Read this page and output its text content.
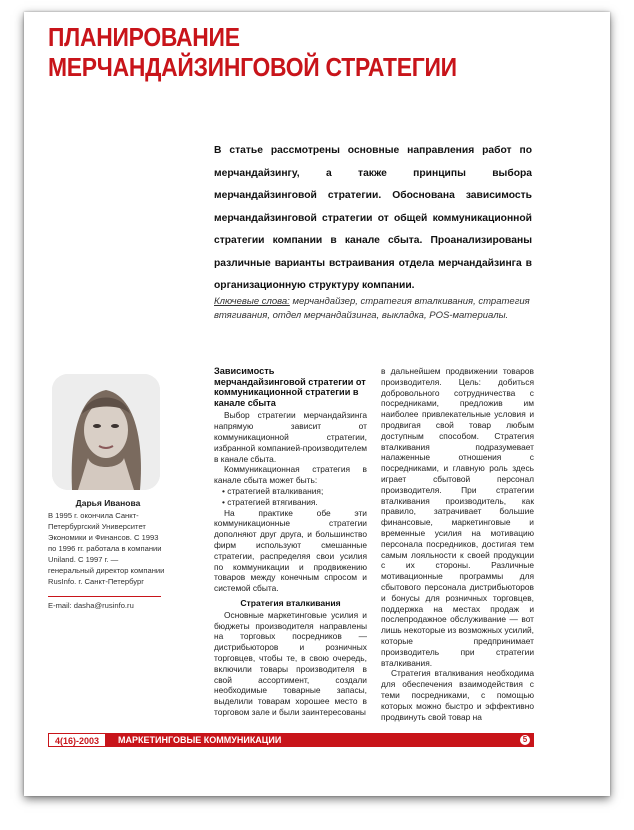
ПЛАНИРОВАНИЕ МЕРЧАНДАЙЗИНГОВОЙ СТРАТЕГИИ
В статье рассмотрены основные направления работ по мерчандайзингу, а также принципы выбора мерчандайзинговой стратегии. Обоснована зависимость мерчандайзинговой стратегии от общей коммуникационной стратегии компании в канале сбыта. Проанализированы различные варианты встраивания отдела мерчандайзинга в организационную структуру компании.
Ключевые слова: мерчандайзер, стратегия вталкивания, стратегия втягивания, отдел мерчандайзинга, выкладка, POS-материалы.
Дарья Иванова
В 1995 г. окончила Санкт-Петербургский Университет Экономики и Финансов. С 1993 по 1996 гг. работала в компании Uniland. С 1997 г. — генеральный директор компании RusInfo. г. Санкт-Петербург
E-mail: dasha@rusinfo.ru
Зависимость мерчандайзинговой стратегии от коммуникационной стратегии в канале сбыта

Выбор стратегии мерчандайзинга напрямую зависит от коммуникационной стратегии, избранной компанией-производителем в канале сбыта.

Коммуникационная стратегия в канале сбыта может быть:

• стратегией вталкивания;
• стратегией втягивания.

На практике обе эти коммуникационные стратегии дополняют друг друга, и большинство фирм используют смешанные стратегии, распределяя свои усилия по коммуникации и продвижению товаров между конечным спросом и системой сбыта.

Стратегия вталкивания

Основные маркетинговые усилия и бюджеты производителя направлены на торговых посредников — дистрибьюторов и розничных торговцев, чтобы те, в свою очередь, включили товары производителя в свой ассортимент, создали необходимые товарные запасы, выделили товарам хорошее место в торговом зале и были заинтересованы

в дальнейшем продвижении товаров производителя. Цель: добиться добровольного сотрудничества с посредниками, предложив им наиболее привлекательные условия и продвигая свой товар любым доступным способом. Стратегия вталкивания подразумевает налаженные отношения с посредниками, и главную роль здесь играет сбытовой персонал производителя. При стратегии вталкивания производитель, как правило, затрачивает большие финансовые, маркетинговые и временные усилия на мотивацию персонала посредников, достигая тем самым лояльности к своей продукции с их стороны. Различные мотивационные программы для сбытового персонала дистрибьюторов и бонусы для розничных торговцев, поддержка на местах продаж и послепродажное обслуживание — вот лишь некоторые из возможных усилий, которые предпринимает производитель при стратегии вталкивания.

Стратегия вталкивания необходима для обеспечения взаимодействия с теми посредниками, с помощью которых можно быстро и эффективно продвинуть свой товар на

4(16)-2003	МАРКЕТИНГОВЫЕ КОММУНИКАЦИИ	5
